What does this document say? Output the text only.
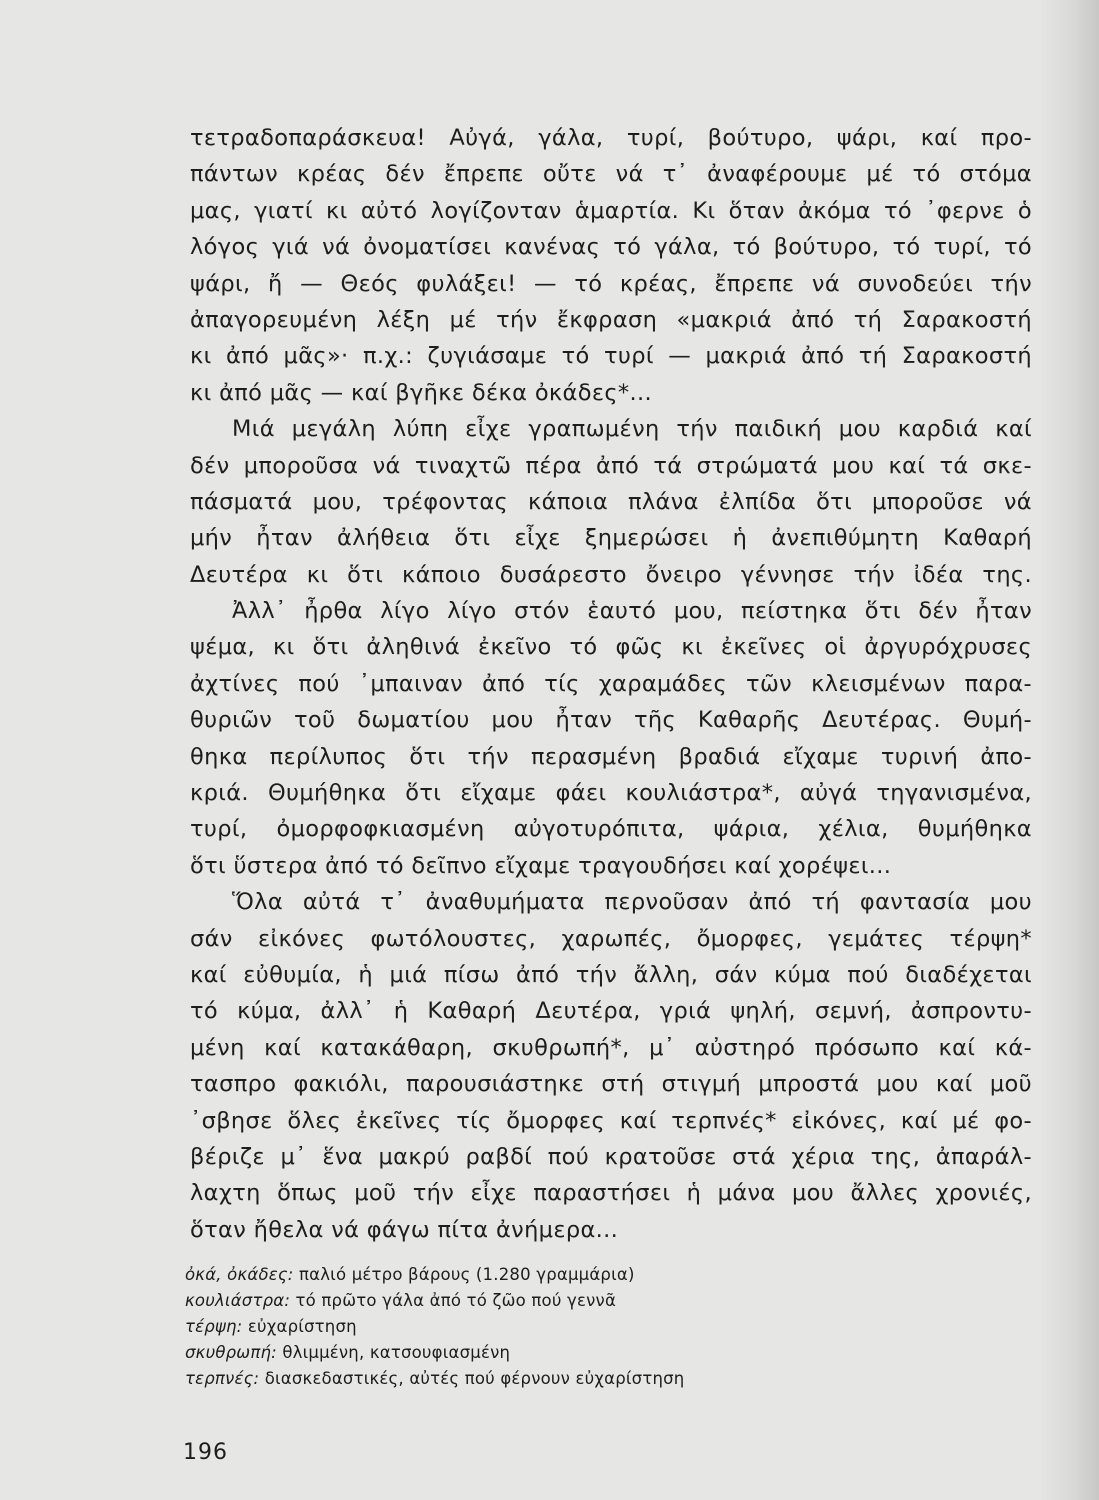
τετραδοπαράσκευα! Αὐγά, γάλα, τυρί, βούτυρο, ψάρι, καί προ-
πάντων κρέας δέν ἔπρεπε οὔτε νά τ᾽ ἀναφέρουμε μέ τό στόμα
μας, γιατί κι αὐτό λογίζονταν ἁμαρτία. Κι ὅταν ἀκόμα τό ᾽φερνε ὁ
λόγος γιά νά ὀνοματίσει κανένας τό γάλα, τό βούτυρο, τό τυρί, τό
ψάρι, ἤ — Θεός φυλάξει! — τό κρέας, ἔπρεπε νά συνοδεύει τήν
ἀπαγορευμένη λέξη μέ τήν ἔκφραση «μακριά ἀπό τή Σαρακοστή
κι ἀπό μᾶς»· π.χ.: ζυγιάσαμε τό τυρί — μακριά ἀπό τή Σαρακοστή
κι ἀπό μᾶς — καί βγῆκε δέκα ὀκάδες*...
Μιά μεγάλη λύπη εἶχε γραπωμένη τήν παιδική μου καρδιά καί
δέν μποροῦσα νά τιναχτῶ πέρα ἀπό τά στρώματά μου καί τά σκε-
πάσματά μου, τρέφοντας κάποια πλάνα ἐλπίδα ὅτι μποροῦσε νά
μήν ἦταν ἀλήθεια ὅτι εἶχε ξημερώσει ἡ ἀνεπιθύμητη Καθαρή
Δευτέρα κι ὅτι κάποιο δυσάρεστο ὄνειρο γέννησε τήν ἰδέα της.
Ἀλλ᾽ ἦρθα λίγο λίγο στόν ἑαυτό μου, πείστηκα ὅτι δέν ἦταν
ψέμα, κι ὅτι ἀληθινά ἐκεῖνο τό φῶς κι ἐκεῖνες οἱ ἀργυρόχρυσες
ἀχτίνες πού ᾽μπαιναν ἀπό τίς χαραμάδες τῶν κλεισμένων παρα-
θυριῶν τοῦ δωματίου μου ἦταν τῆς Καθαρῆς Δευτέρας. Θυμή-
θηκα περίλυπος ὅτι τήν περασμένη βραδιά εἴχαμε τυρινή ἀπο-
κριά. Θυμήθηκα ὅτι εἴχαμε φάει κουλιάστρα*, αὐγά τηγανισμένα,
τυρί, ὀμορφοφκιασμένη αὐγοτυρόπιτα, ψάρια, χέλια, θυμήθηκα
ὅτι ὕστερα ἀπό τό δεῖπνο εἴχαμε τραγουδήσει καί χορέψει...
Ὅλα αὐτά τ᾽ ἀναθυμήματα περνοῦσαν ἀπό τή φαντασία μου
σάν εἰκόνες φωτόλουστες, χαρωπές, ὄμορφες, γεμάτες τέρψη*
καί εὐθυμία, ἡ μιά πίσω ἀπό τήν ἄλλη, σάν κύμα πού διαδέχεται
τό κύμα, ἀλλ᾽ ἡ Καθαρή Δευτέρα, γριά ψηλή, σεμνή, ἀσπροντυ-
μένη καί κατακάθαρη, σκυθρωπή*, μ᾽ αὐστηρό πρόσωπο καί κά-
τασπρο φακιόλι, παρουσιάστηκε στή στιγμή μπροστά μου καί μοῦ
᾽σβησε ὅλες ἐκεῖνες τίς ὄμορφες καί τερπνές* εἰκόνες, καί μέ φο-
βέριζε μ᾽ ἕνα μακρύ ραβδί πού κρατοῦσε στά χέρια της, ἀπαράλ-
λαχτη ὅπως μοῦ τήν εἶχε παραστήσει ἡ μάνα μου ἄλλες χρονιές,
ὅταν ἤθελα νά φάγω πίτα ἀνήμερα...
ὀκά, ὀκάδες: παλιό μέτρο βάρους (1.280 γραμμάρια)
κουλιάστρα: τό πρῶτο γάλα ἀπό τό ζῶο πού γεννᾶ
τέρψη: εὐχαρίστηση
σκυθρωπή: θλιμμένη, κατσουφιασμένη
τερπνές: διασκεδαστικές, αὐτές πού φέρνουν εὐχαρίστηση
196
